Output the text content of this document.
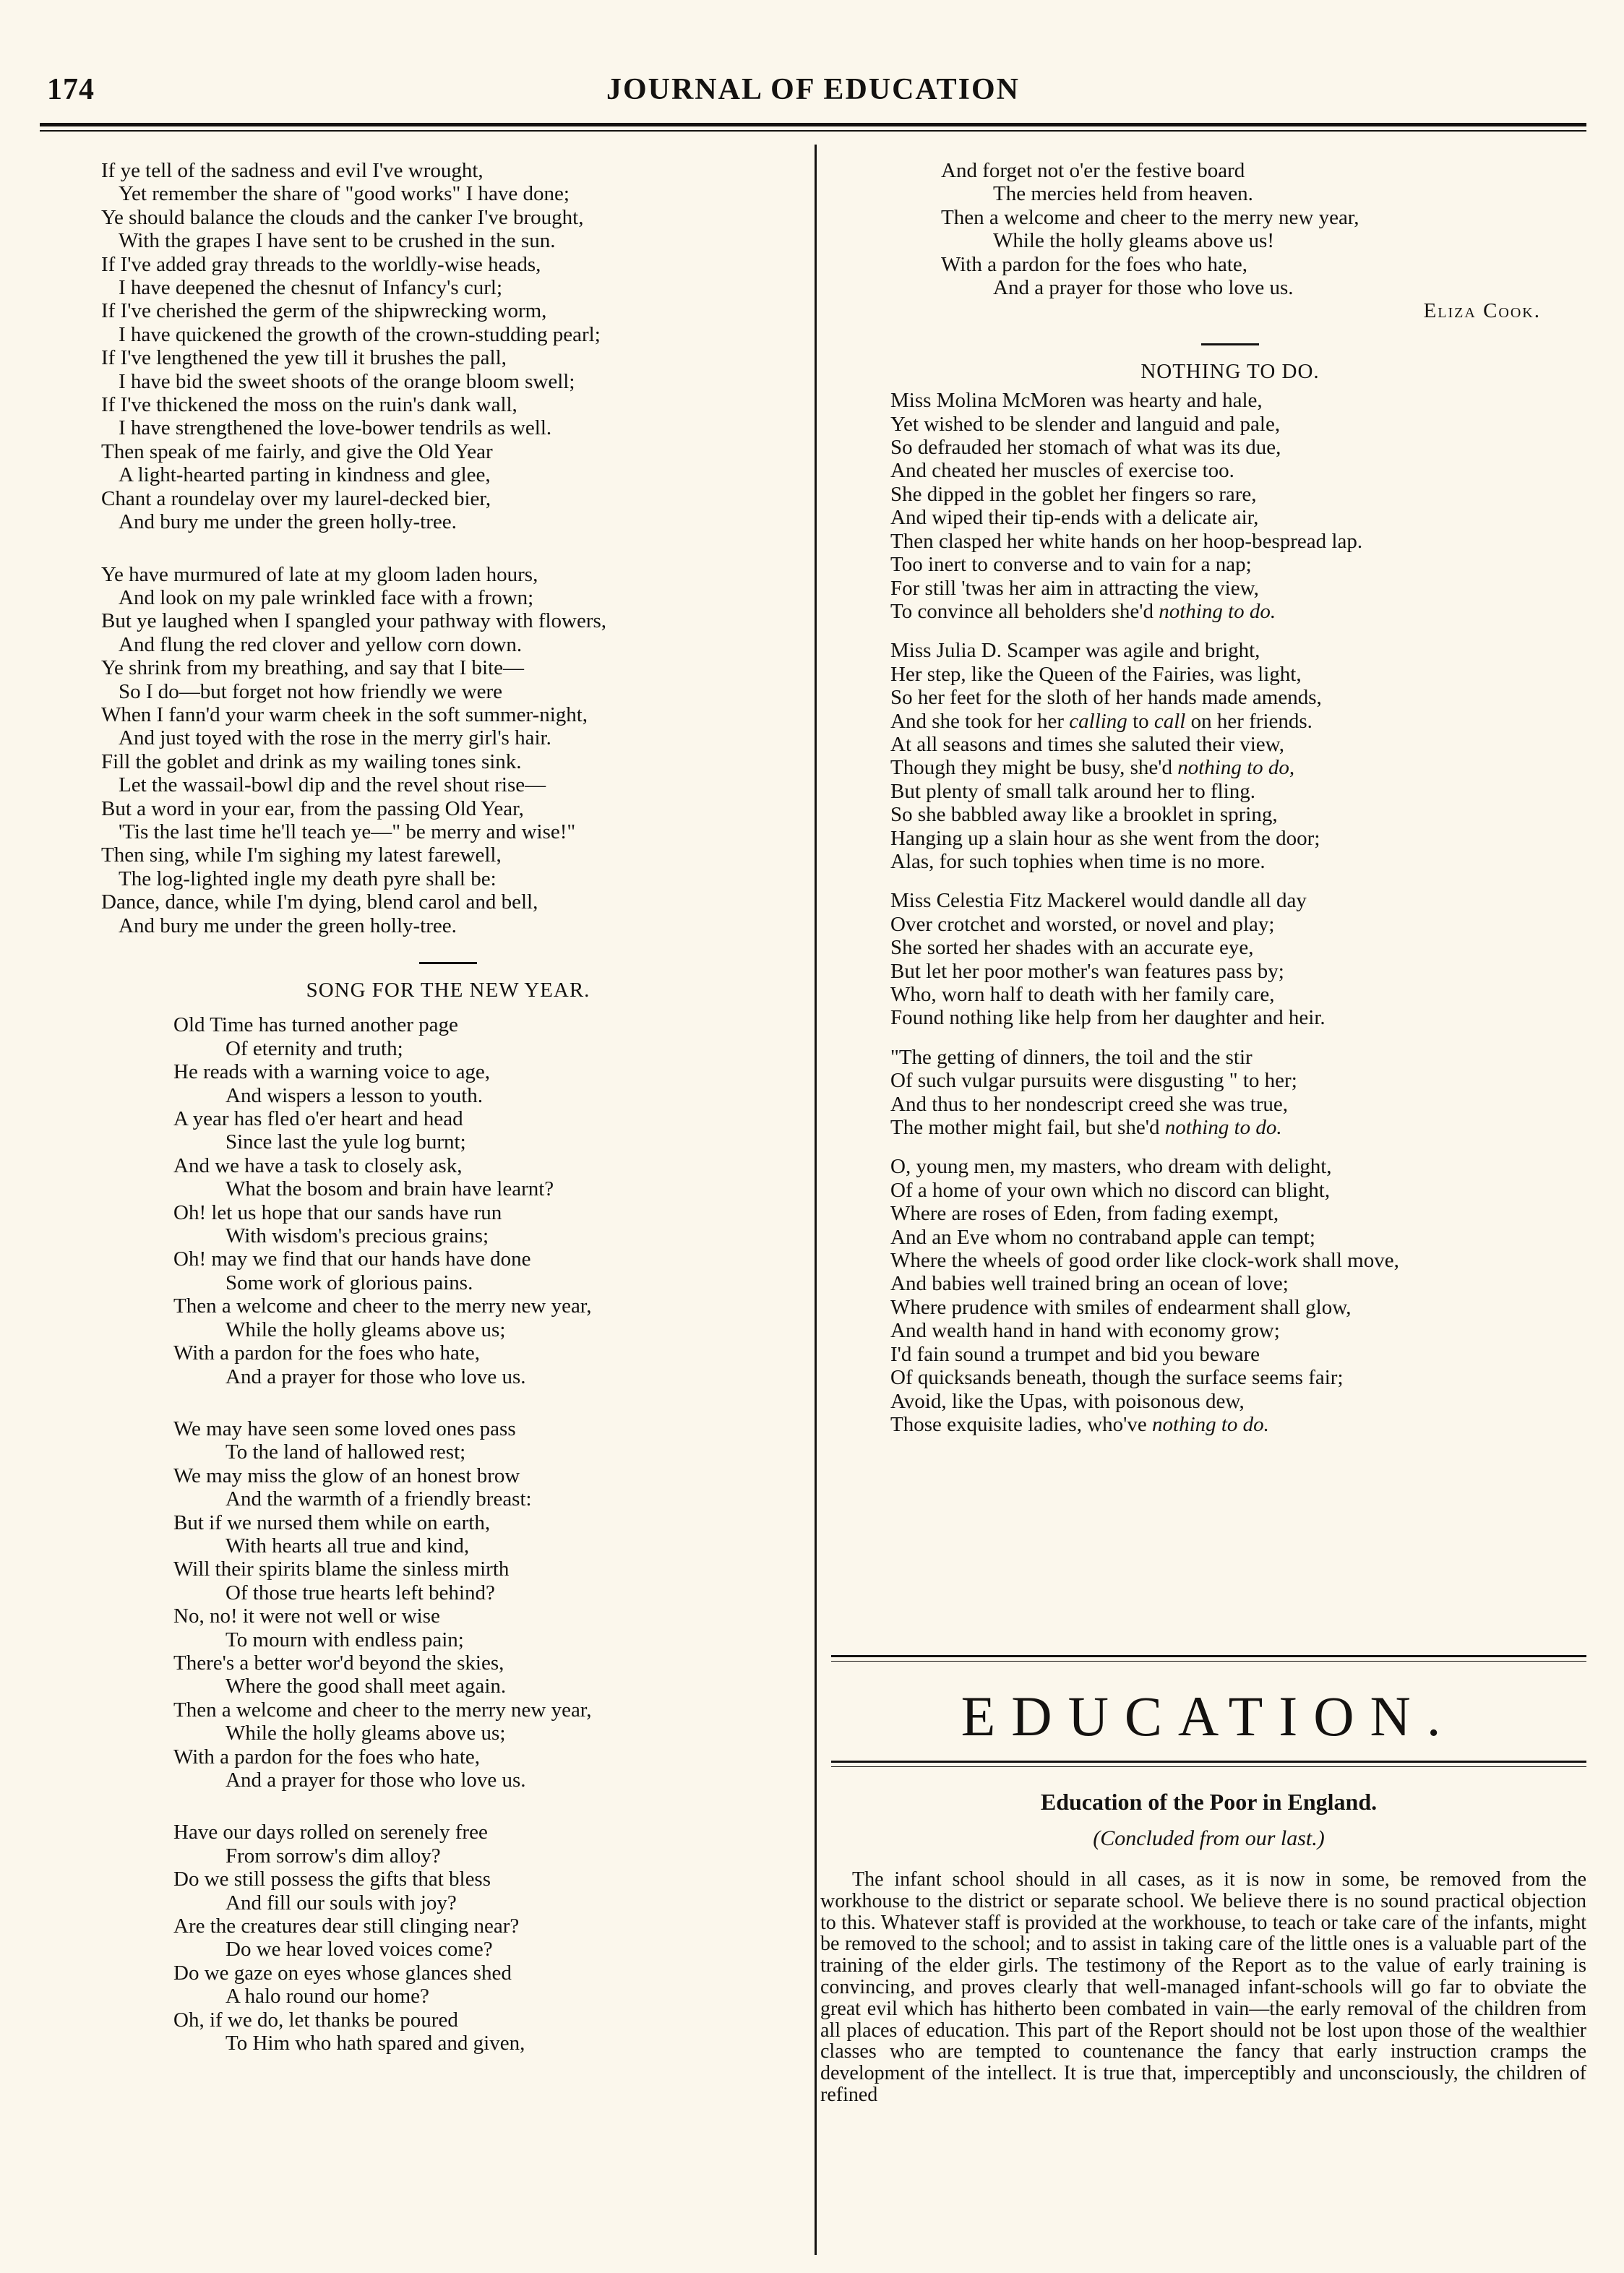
174	JOURNAL OF EDUCATION
If ye tell of the sadness and evil I've wrought,
Yet remember the share of "good works" I have done;
Ye should balance the clouds and the canker I've brought,
With the grapes I have sent to be crushed in the sun.
If I've added gray threads to the worldly-wise heads,
I have deepened the chesnut of Infancy's curl;
If I've cherished the germ of the shipwrecking worm,
I have quickened the growth of the crown-studding pearl;
If I've lengthened the yew till it brushes the pall,
I have bid the sweet shoots of the orange bloom swell;
If I've thickened the moss on the ruin's dank wall,
I have strengthened the love-bower tendrils as well.
Then speak of me fairly, and give the Old Year
A light-hearted parting in kindness and glee,
Chant a roundelay over my laurel-decked bier,
And bury me under the green holly-tree.
Ye have murmured of late at my gloom laden hours,
And look on my pale wrinkled face with a frown;
But ye laughed when I spangled your pathway with flowers,
And flung the red clover and yellow corn down.
Ye shrink from my breathing, and say that I bite—
So I do—but forget not how friendly we were
When I fann'd your warm cheek in the soft summer-night,
And just toyed with the rose in the merry girl's hair.
Fill the goblet and drink as my wailing tones sink.
Let the wassail-bowl dip and the revel shout rise—
But a word in your ear, from the passing Old Year,
'Tis the last time he'll teach ye—" be merry and wise!"
Then sing, while I'm sighing my latest farewell,
The log-lighted ingle my death pyre shall be:
Dance, dance, while I'm dying, blend carol and bell,
And bury me under the green holly-tree.
SONG FOR THE NEW YEAR.
Old Time has turned another page
Of eternity and truth;
He reads with a warning voice to age,
And wispers a lesson to youth.
A year has fled o'er heart and head
Since last the yule log burnt;
And we have a task to closely ask,
What the bosom and brain have learnt?
Oh! let us hope that our sands have run
With wisdom's precious grains;
Oh! may we find that our hands have done
Some work of glorious pains.
Then a welcome and cheer to the merry new year,
While the holly gleams above us;
With a pardon for the foes who hate,
And a prayer for those who love us.
We may have seen some loved ones pass
To the land of hallowed rest;
We may miss the glow of an honest brow
And the warmth of a friendly breast:
But if we nursed them while on earth,
With hearts all true and kind,
Will their spirits blame the sinless mirth
Of those true hearts left behind?
No, no! it were not well or wise
To mourn with endless pain;
There's a better wor'd beyond the skies,
Where the good shall meet again.
Then a welcome and cheer to the merry new year,
While the holly gleams above us;
With a pardon for the foes who hate,
And a prayer for those who love us.
Have our days rolled on serenely free
From sorrow's dim alloy?
Do we still possess the gifts that bless
And fill our souls with joy?
Are the creatures dear still clinging near?
Do we hear loved voices come?
Do we gaze on eyes whose glances shed
A halo round our home?
Oh, if we do, let thanks be poured
To Him who hath spared and given,
And forget not o'er the festive board
The mercies held from heaven.
Then a welcome and cheer to the merry new year,
While the holly gleams above us!
With a pardon for the foes who hate,
And a prayer for those who love us.
Eliza Cook.
NOTHING TO DO.
Miss Molina McMoren was hearty and hale,
Yet wished to be slender and languid and pale,
So defrauded her stomach of what was its due,
And cheated her muscles of exercise too.
She dipped in the goblet her fingers so rare,
And wiped their tip-ends with a delicate air,
Then clasped her white hands on her hoop-bespread lap.
Too inert to converse and to vain for a nap;
For still 'twas her aim in attracting the view,
To convince all beholders she'd nothing to do.
Miss Julia D. Scamper was agile and bright,
Her step, like the Queen of the Fairies, was light,
So her feet for the sloth of her hands made amends,
And she took for her calling to call on her friends.
At all seasons and times she saluted their view,
Though they might be busy, she'd nothing to do,
But plenty of small talk around her to fling.
So she babbled away like a brooklet in spring,
Hanging up a slain hour as she went from the door;
Alas, for such tophies when time is no more.
Miss Celestia Fitz Mackerel would dandle all day
Over crotchet and worsted, or novel and play;
She sorted her shades with an accurate eye,
But let her poor mother's wan features pass by;
Who, worn half to death with her family care,
Found nothing like help from her daughter and heir.
"The getting of dinners, the toil and the stir
Of such vulgar pursuits were disgusting " to her;
And thus to her nondescript creed she was true,
The mother might fail, but she'd nothing to do.
O, young men, my masters, who dream with delight,
Of a home of your own which no discord can blight,
Where are roses of Eden, from fading exempt,
And an Eve whom no contraband apple can tempt;
Where the wheels of good order like clock-work shall move,
And babies well trained bring an ocean of love;
Where prudence with smiles of endearment shall glow,
And wealth hand in hand with economy grow;
I'd fain sound a trumpet and bid you beware
Of quicksands beneath, though the surface seems fair;
Avoid, like the Upas, with poisonous dew,
Those exquisite ladies, who've nothing to do.
EDUCATION.
Education of the Poor in England.
(Concluded from our last.)
The infant school should in all cases, as it is now in some, be removed from the workhouse to the district or separate school. We believe there is no sound practical objection to this. Whatever staff is provided at the workhouse, to teach or take care of the infants, might be removed to the school; and to assist in taking care of the little ones is a valuable part of the training of the elder girls. The testimony of the Report as to the value of early training is convincing, and proves clearly that well-managed infant-schools will go far to obviate the great evil which has hitherto been combated in vain—the early removal of the children from all places of education. This part of the Report should not be lost upon those of the wealthier classes who are tempted to countenance the fancy that early instruction cramps the development of the intellect. It is true that, imperceptibly and unconsciously, the children of refined
